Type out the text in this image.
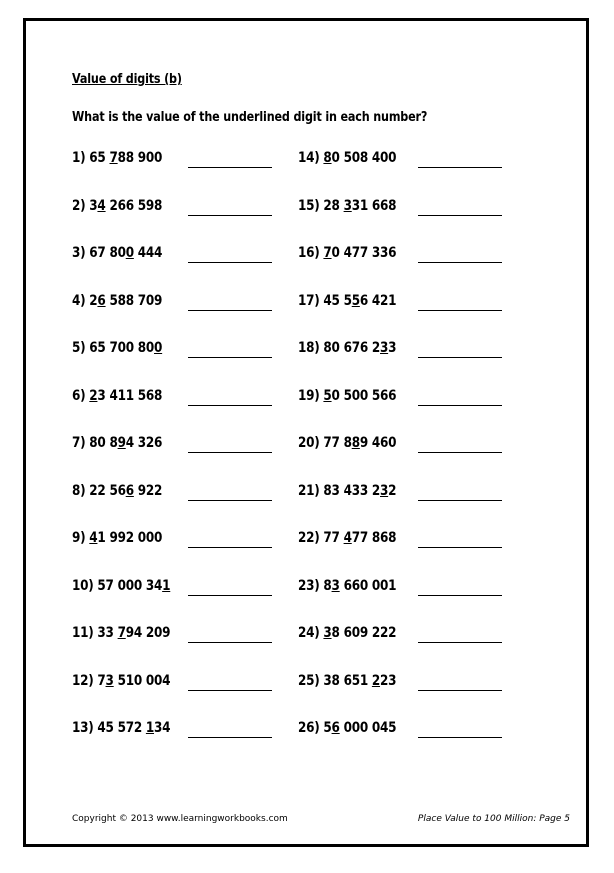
Value of digits (b)
What is the value of the underlined digit in each number?
1) 65 788 900
2) 34 266 598
3) 67 800 444
4) 26 588 709
5) 65 700 800
6) 23 411 568
7) 80 894 326
8) 22 566 922
9) 41 992 000
10) 57 000 341
11) 33 794 209
12) 73 510 004
13) 45 572 134
14) 80 508 400
15) 28 331 668
16) 70 477 336
17) 45 556 421
18) 80 676 233
19) 50 500 566
20) 77 889 460
21) 83 433 232
22) 77 477 868
23) 83 660 001
24) 38 609 222
25) 38 651 223
26) 56 000 045
Copyright © 2013 www.learningworkbooks.com	Place Value to 100 Million: Page 5
